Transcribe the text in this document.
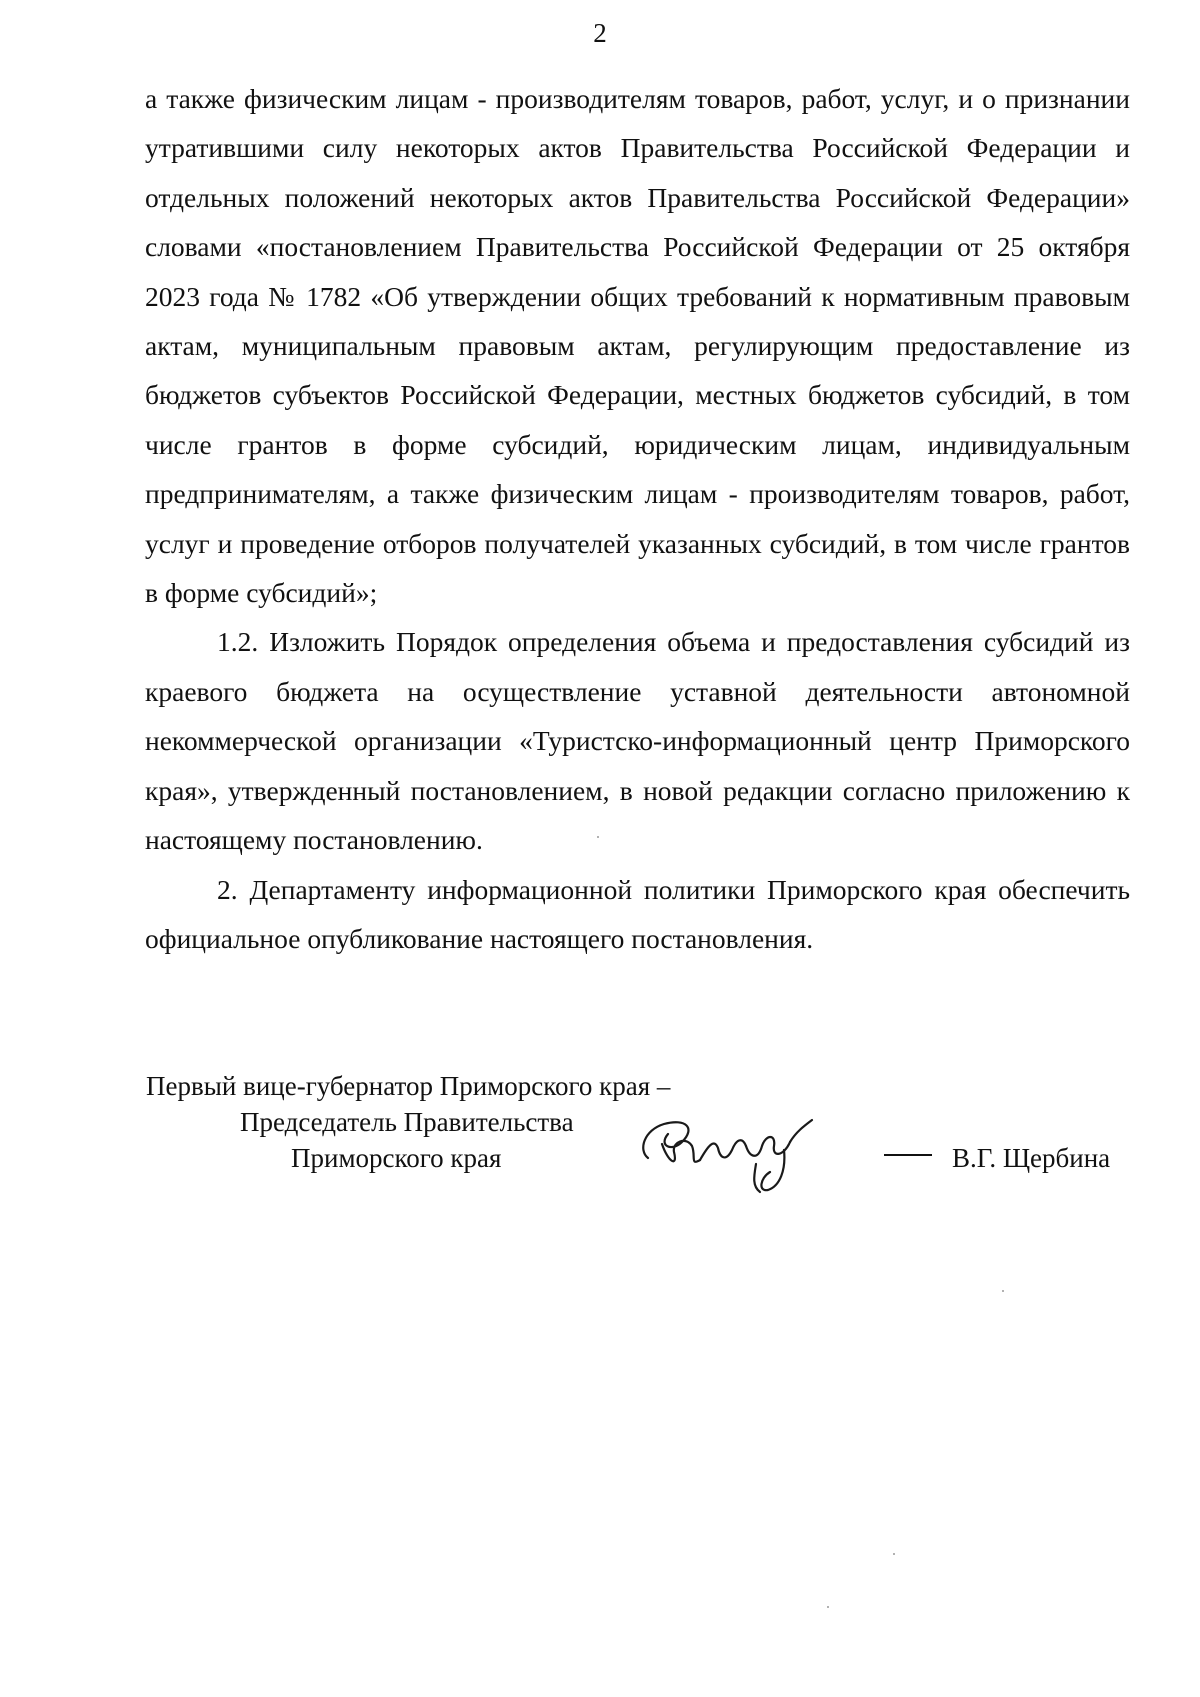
2

а также физическим лицам - производителям товаров, работ, услуг, и о признании утратившими силу некоторых актов Правительства Российской Федерации и отдельных положений некоторых актов Правительства Российской Федерации» словами «постановлением Правительства Российской Федерации от 25 октября 2023 года № 1782 «Об утверждении общих требований к нормативным правовым актам, муниципальным правовым актам, регулирующим предоставление из бюджетов субъектов Российской Федерации, местных бюджетов субсидий, в том числе грантов в форме субсидий, юридическим лицам, индивидуальным предпринимателям, а также физическим лицам - производителям товаров, работ, услуг и проведение отборов получателей указанных субсидий, в том числе грантов в форме субсидий»;

1.2. Изложить Порядок определения объема и предоставления субсидий из краевого бюджета на осуществление уставной деятельности автономной некоммерческой организации «Туристско-информационный центр Приморского края», утвержденный постановлением, в новой редакции согласно приложению к настоящему постановлению.

2. Департаменту информационной политики Приморского края обеспечить официальное опубликование настоящего постановления.

Первый вице-губернатор Приморского края –
Председатель Правительства
Приморского края	В.Г. Щербина
